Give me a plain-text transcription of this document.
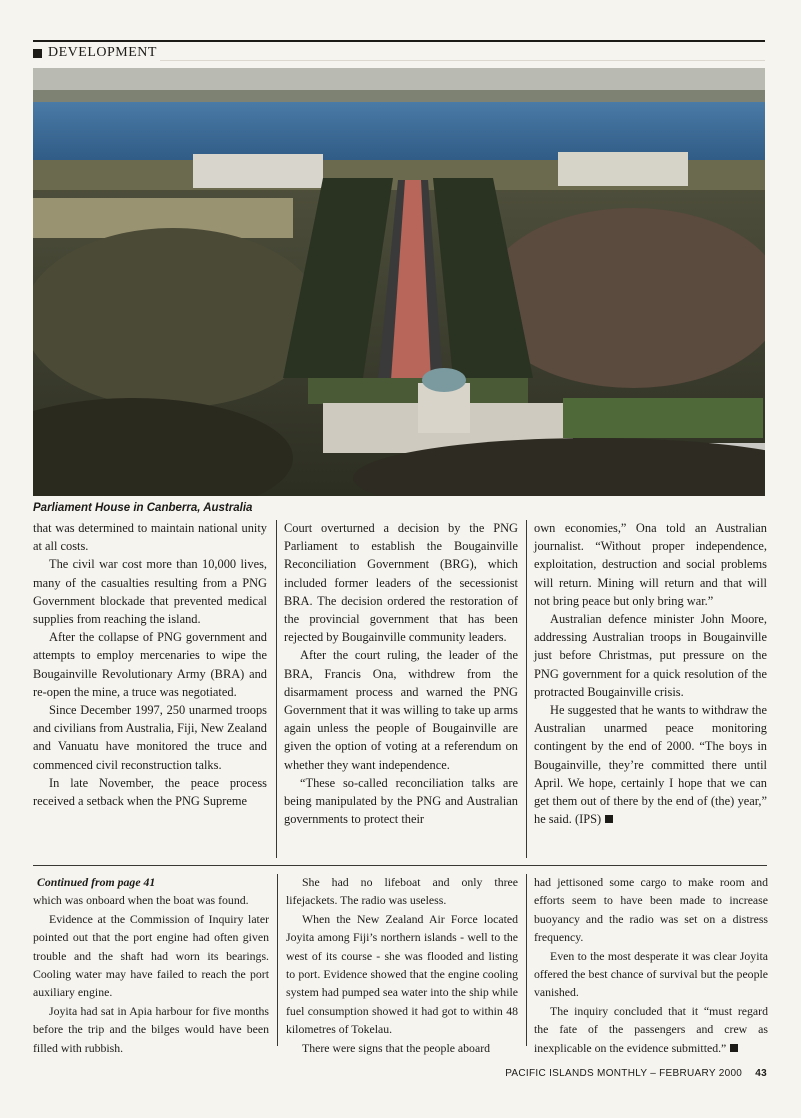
DEVELOPMENT
Parliament House in Canberra, Australia

that was determined to maintain national unity at all costs.

The civil war cost more than 10,000 lives, many of the casualties resulting from a PNG Government blockade that prevented medical supplies from reaching the island.

After the collapse of PNG government and attempts to employ mercenaries to wipe the Bougainville Revolutionary Army (BRA) and re-open the mine, a truce was negotiated.

Since December 1997, 250 unarmed troops and civilians from Australia, Fiji, New Zealand and Vanuatu have monitored the truce and commenced civil reconstruction talks.

In late November, the peace process received a setback when the PNG Supreme

Court overturned a decision by the PNG Parliament to establish the Bougainville Reconciliation Government (BRG), which included former leaders of the secessionist BRA. The decision ordered the restoration of the provincial government that has been rejected by Bougainville community leaders.

After the court ruling, the leader of the BRA, Francis Ona, withdrew from the disarmament process and warned the PNG Government that it was willing to take up arms again unless the people of Bougainville are given the option of voting at a referendum on whether they want independence.

“These so-called reconciliation talks are being manipulated by the PNG and Australian governments to protect their

own economies,” Ona told an Australian journalist. “Without proper independence, exploitation, destruction and social problems will return. Mining will return and that will not bring peace but only bring war.”

Australian defence minister John Moore, addressing Australian troops in Bougainville just before Christmas, put pressure on the PNG government for a quick resolution of the protracted Bougainville crisis.

He suggested that he wants to withdraw the Australian unarmed peace monitoring contingent by the end of 2000. “The boys in Bougainville, they’re committed there until April. We hope, certainly I hope that we can get them out of there by the end of (the) year,” he said. (IPS)

Continued from page 41

which was onboard when the boat was found.

Evidence at the Commission of Inquiry later pointed out that the port engine had often given trouble and the shaft had worn its bearings. Cooling water may have failed to reach the port auxiliary engine.

Joyita had sat in Apia harbour for five months before the trip and the bilges would have been filled with rubbish.

She had no lifeboat and only three lifejackets. The radio was useless.

When the New Zealand Air Force located Joyita among Fiji’s northern islands - well to the west of its course - she was flooded and listing to port. Evidence showed that the engine cooling system had pumped sea water into the ship while fuel consumption showed it had got to within 48 kilometres of Tokelau.

There were signs that the people aboard

had jettisoned some cargo to make room and efforts seem to have been made to increase buoyancy and the radio was set on a distress frequency.

Even to the most desperate it was clear Joyita offered the best chance of survival but the people vanished.

The inquiry concluded that it “must regard the fate of the passengers and crew as inexplicable on the evidence submitted.”

PACIFIC ISLANDS MONTHLY – FEBRUARY 2000 43
